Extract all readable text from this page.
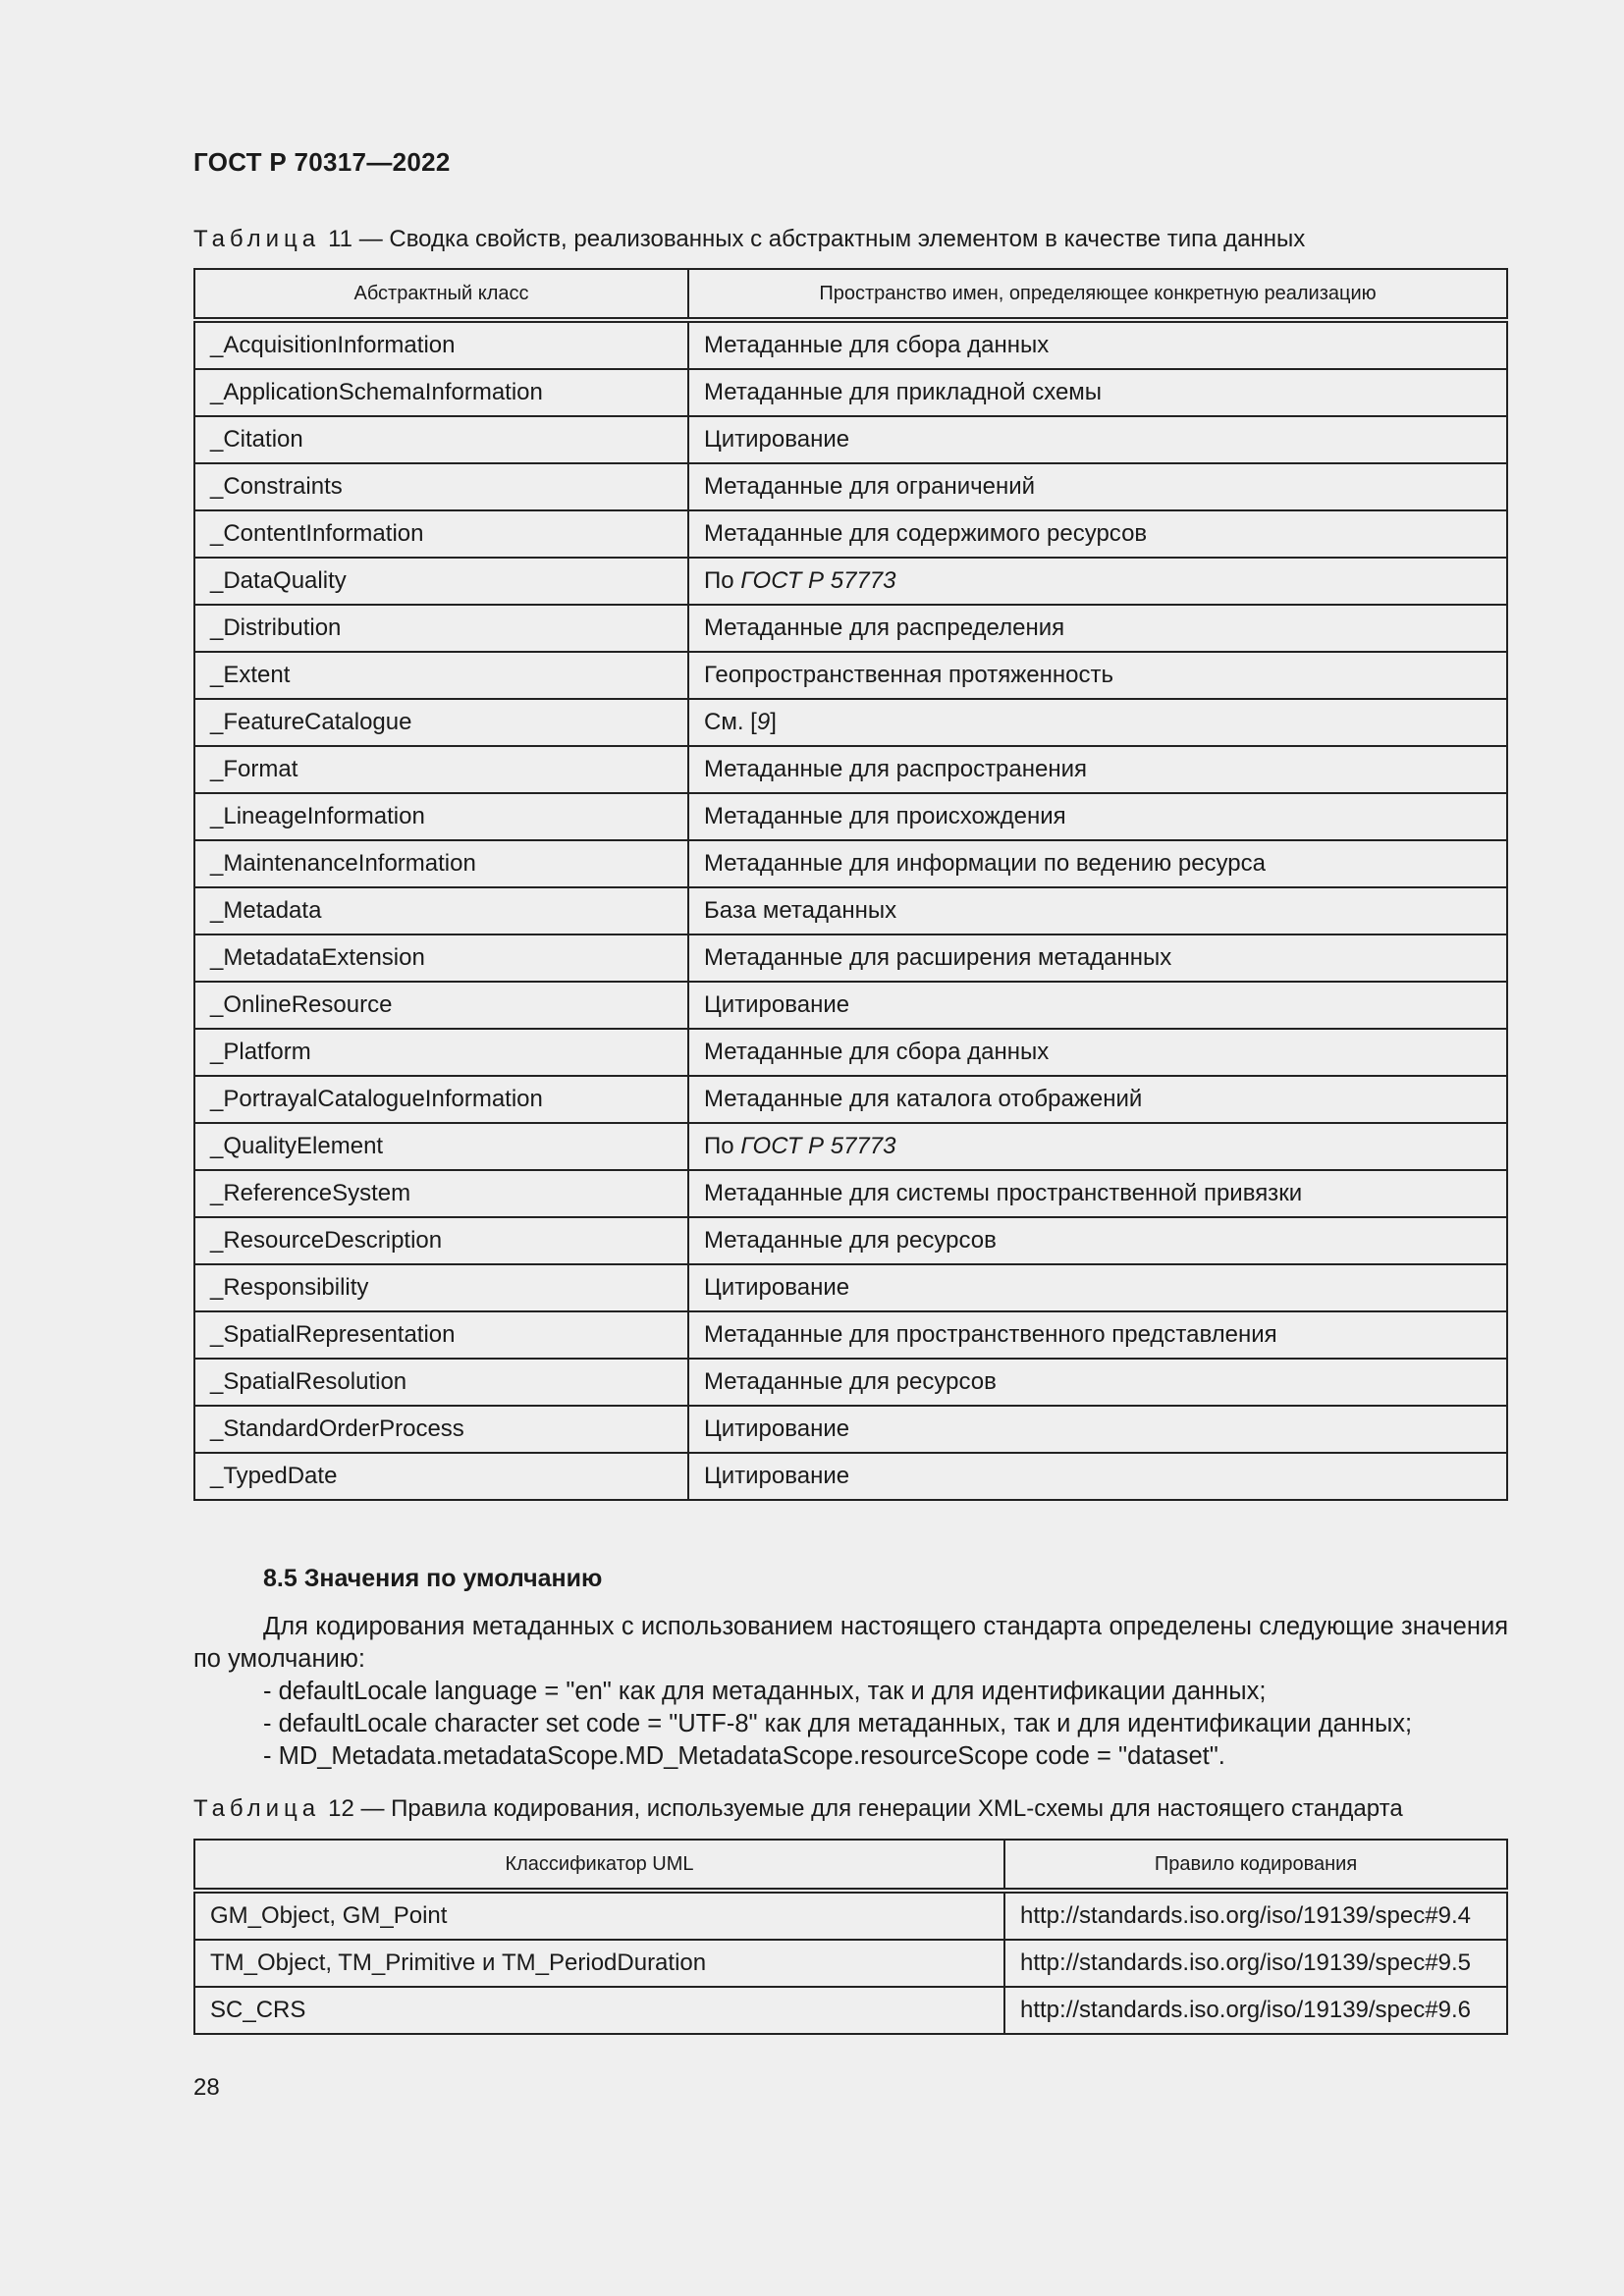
ГОСТ Р 70317—2022
Таблица 11 — Сводка свойств, реализованных с абстрактным элементом в качестве типа данных
Абстрактный класс	Пространство имен, определяющее конкретную реализацию
_AcquisitionInformation	Метаданные для сбора данных
_ApplicationSchemaInformation	Метаданные для прикладной схемы
_Citation	Цитирование
_Constraints	Метаданные для ограничений
_ContentInformation	Метаданные для содержимого ресурсов
_DataQuality	По ГОСТ Р 57773
_Distribution	Метаданные для распределения
_Extent	Геопространственная протяженность
_FeatureCatalogue	См. [9]
_Format	Метаданные для распространения
_LineageInformation	Метаданные для происхождения
_MaintenanceInformation	Метаданные для информации по ведению ресурса
_Metadata	База метаданных
_MetadataExtension	Метаданные для расширения метаданных
_OnlineResource	Цитирование
_Platform	Метаданные для сбора данных
_PortrayalCatalogueInformation	Метаданные для каталога отображений
_QualityElement	По ГОСТ Р 57773
_ReferenceSystem	Метаданные для системы пространственной привязки
_ResourceDescription	Метаданные для ресурсов
_Responsibility	Цитирование
_SpatialRepresentation	Метаданные для пространственного представления
_SpatialResolution	Метаданные для ресурсов
_StandardOrderProcess	Цитирование
_TypedDate	Цитирование
8.5 Значения по умолчанию

Для кодирования метаданных с использованием настоящего стандарта определены следующие значения по умолчанию:

- defaultLocale language = "en" как для метаданных, так и для идентификации данных;

- defaultLocale character set code = "UTF-8" как для метаданных, так и для идентификации данных;

- MD_Metadata.metadataScope.MD_MetadataScope.resourceScope code = "dataset".

Таблица 12 — Правила кодирования, используемые для генерации XML-схемы для настоящего стандарта
Классификатор UML	Правило кодирования
GM_Object, GM_Point	http://standards.iso.org/iso/19139/spec#9.4
TM_Object, TM_Primitive и TM_PeriodDuration	http://standards.iso.org/iso/19139/spec#9.5
SC_CRS	http://standards.iso.org/iso/19139/spec#9.6
28
